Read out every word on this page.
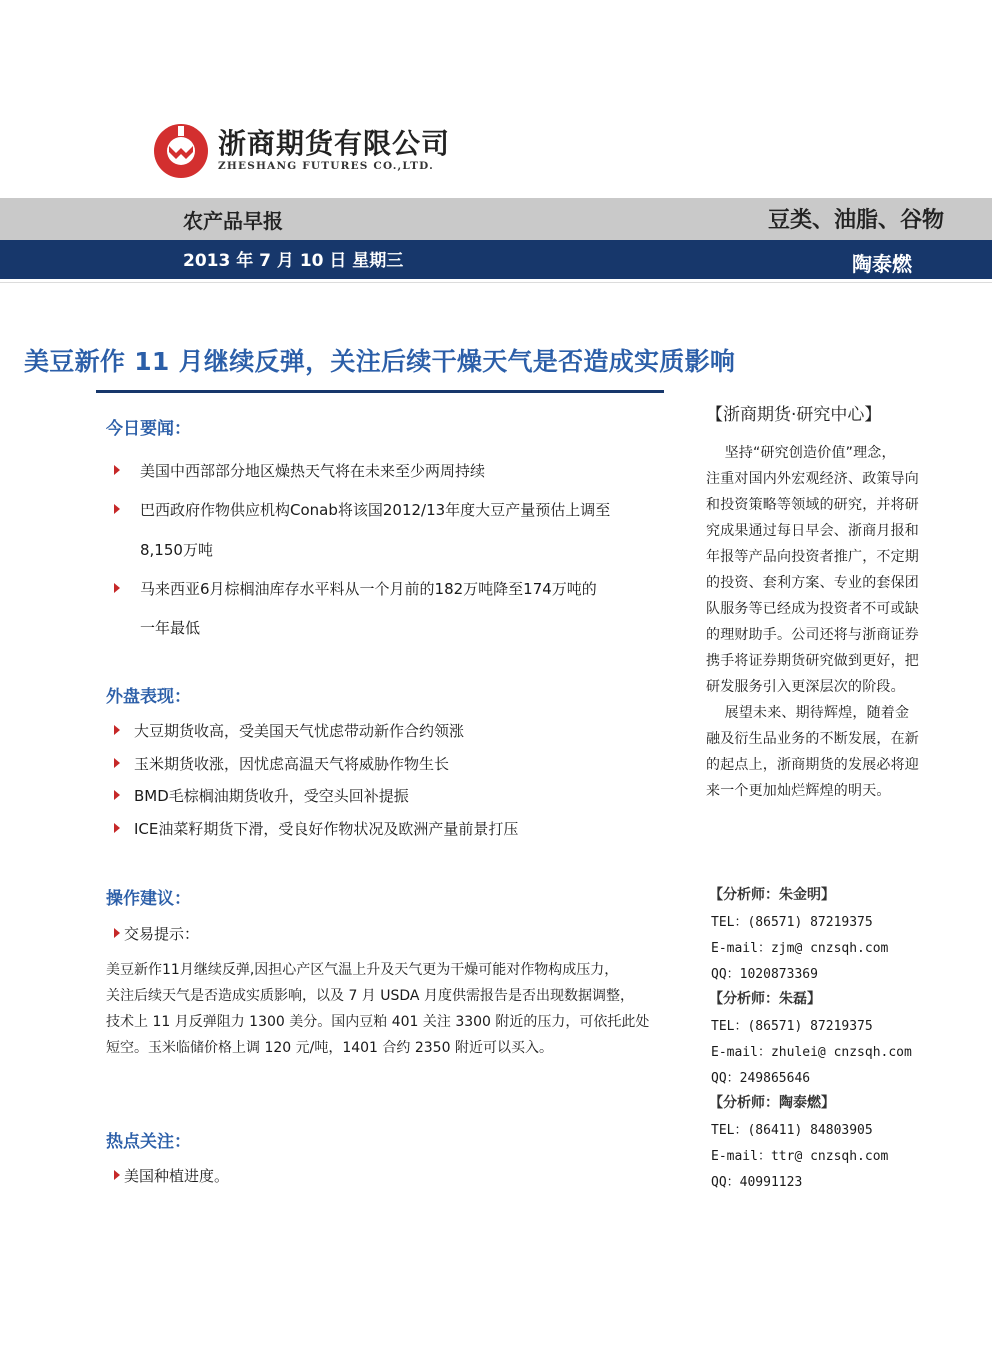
浙商期货有限公司
ZHESHANG FUTURES CO.,LTD.
农产品早报	豆类、油脂、谷物
2013 年 7 月 10 日 星期三	陶泰燃
美豆新作 11 月继续反弹，关注后续干燥天气是否造成实质影响
今日要闻：
美国中西部部分地区燥热天气将在未来至少两周持续
巴西政府作物供应机构Conab将该国2012/13年度大豆产量预估上调至
8,150万吨
马来西亚6月棕榈油库存水平料从一个月前的182万吨降至174万吨的
一年最低
外盘表现：
大豆期货收高，受美国天气忧虑带动新作合约领涨
玉米期货收涨，因忧虑高温天气将威胁作物生长
BMD毛棕榈油期货收升，受空头回补提振
ICE油菜籽期货下滑，受良好作物状况及欧洲产量前景打压
操作建议：
交易提示：
美豆新作11月继续反弹,因担心产区气温上升及天气更为干燥可能对作物构成压力，
关注后续天气是否造成实质影响，以及 7 月 USDA 月度供需报告是否出现数据调整，
技术上 11 月反弹阻力 1300 美分。国内豆粕 401 关注 3300 附近的压力，可依托此处
短空。玉米临储价格上调 120 元/吨，1401 合约 2350 附近可以买入。
热点关注：
美国种植进度。
【浙商期货·研究中心】
坚持“研究创造价值”理念，
注重对国内外宏观经济、政策导向
和投资策略等领域的研究，并将研
究成果通过每日早会、浙商月报和
年报等产品向投资者推广，不定期
的投资、套利方案、专业的套保团
队服务等已经成为投资者不可或缺
的理财助手。公司还将与浙商证券
携手将证券期货研究做到更好，把
研发服务引入更深层次的阶段。
展望未来、期待辉煌，随着金
融及衍生品业务的不断发展，在新
的起点上，浙商期货的发展必将迎
来一个更加灿烂辉煌的明天。
【分析师：朱金明】
TEL：(86571) 87219375
E-mail：zjm@ cnzsqh.com
QQ：1020873369
【分析师：朱磊】
TEL：(86571) 87219375
E-mail：zhulei@ cnzsqh.com
QQ：249865646
【分析师：陶泰燃】
TEL：(86411) 84803905
E-mail：ttr@ cnzsqh.com
QQ：40991123
